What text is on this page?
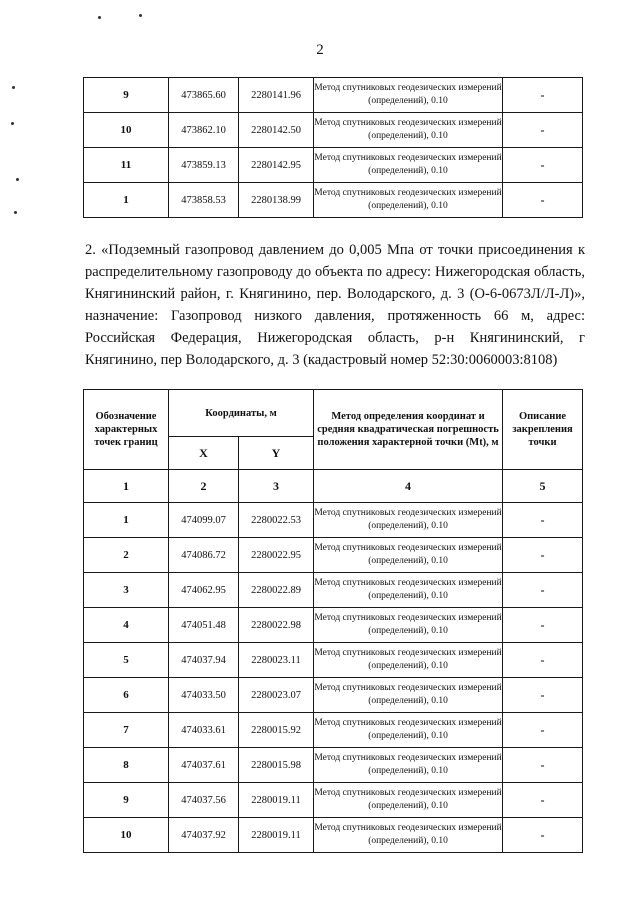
2
9	473865.60	2280141.96	Метод спутниковых геодезических измерений (определений), 0.10	-
10	473862.10	2280142.50	Метод спутниковых геодезических измерений (определений), 0.10	-
11	473859.13	2280142.95	Метод спутниковых геодезических измерений (определений), 0.10	-
1	473858.53	2280138.99	Метод спутниковых геодезических измерений (определений), 0.10	-
2. «Подземный газопровод давлением до 0,005 Мпа от точки присоединения к распределительному газопроводу до объекта по адресу: Нижегородская область, Княгининский район, г. Княгинино, пер. Володарского, д. 3 (О-6-0673Л/Л-Л)», назначение: Газопровод низкого давления, протяженность 66 м, адрес: Российская Федерация, Нижегородская область, р-н Княгининский, г Княгинино, пер Володарского, д. 3 (кадастровый номер 52:30:0060003:8108)
Обозначение характерных точек границ	Координаты, м		Метод определения координат и средняя квадратическая погрешность положения характерной точки (Mt), м	Описание закрепления точки
	X	Y		
1	2	3	4	5
1	474099.07	2280022.53	Метод спутниковых геодезических измерений (определений), 0.10	-
2	474086.72	2280022.95	Метод спутниковых геодезических измерений (определений), 0.10	-
3	474062.95	2280022.89	Метод спутниковых геодезических измерений (определений), 0.10	-
4	474051.48	2280022.98	Метод спутниковых геодезических измерений (определений), 0.10	-
5	474037.94	2280023.11	Метод спутниковых геодезических измерений (определений), 0.10	-
6	474033.50	2280023.07	Метод спутниковых геодезических измерений (определений), 0.10	-
7	474033.61	2280015.92	Метод спутниковых геодезических измерений (определений), 0.10	-
8	474037.61	2280015.98	Метод спутниковых геодезических измерений (определений), 0.10	-
9	474037.56	2280019.11	Метод спутниковых геодезических измерений (определений), 0.10	-
10	474037.92	2280019.11	Метод спутниковых геодезических измерений (определений), 0.10	-
